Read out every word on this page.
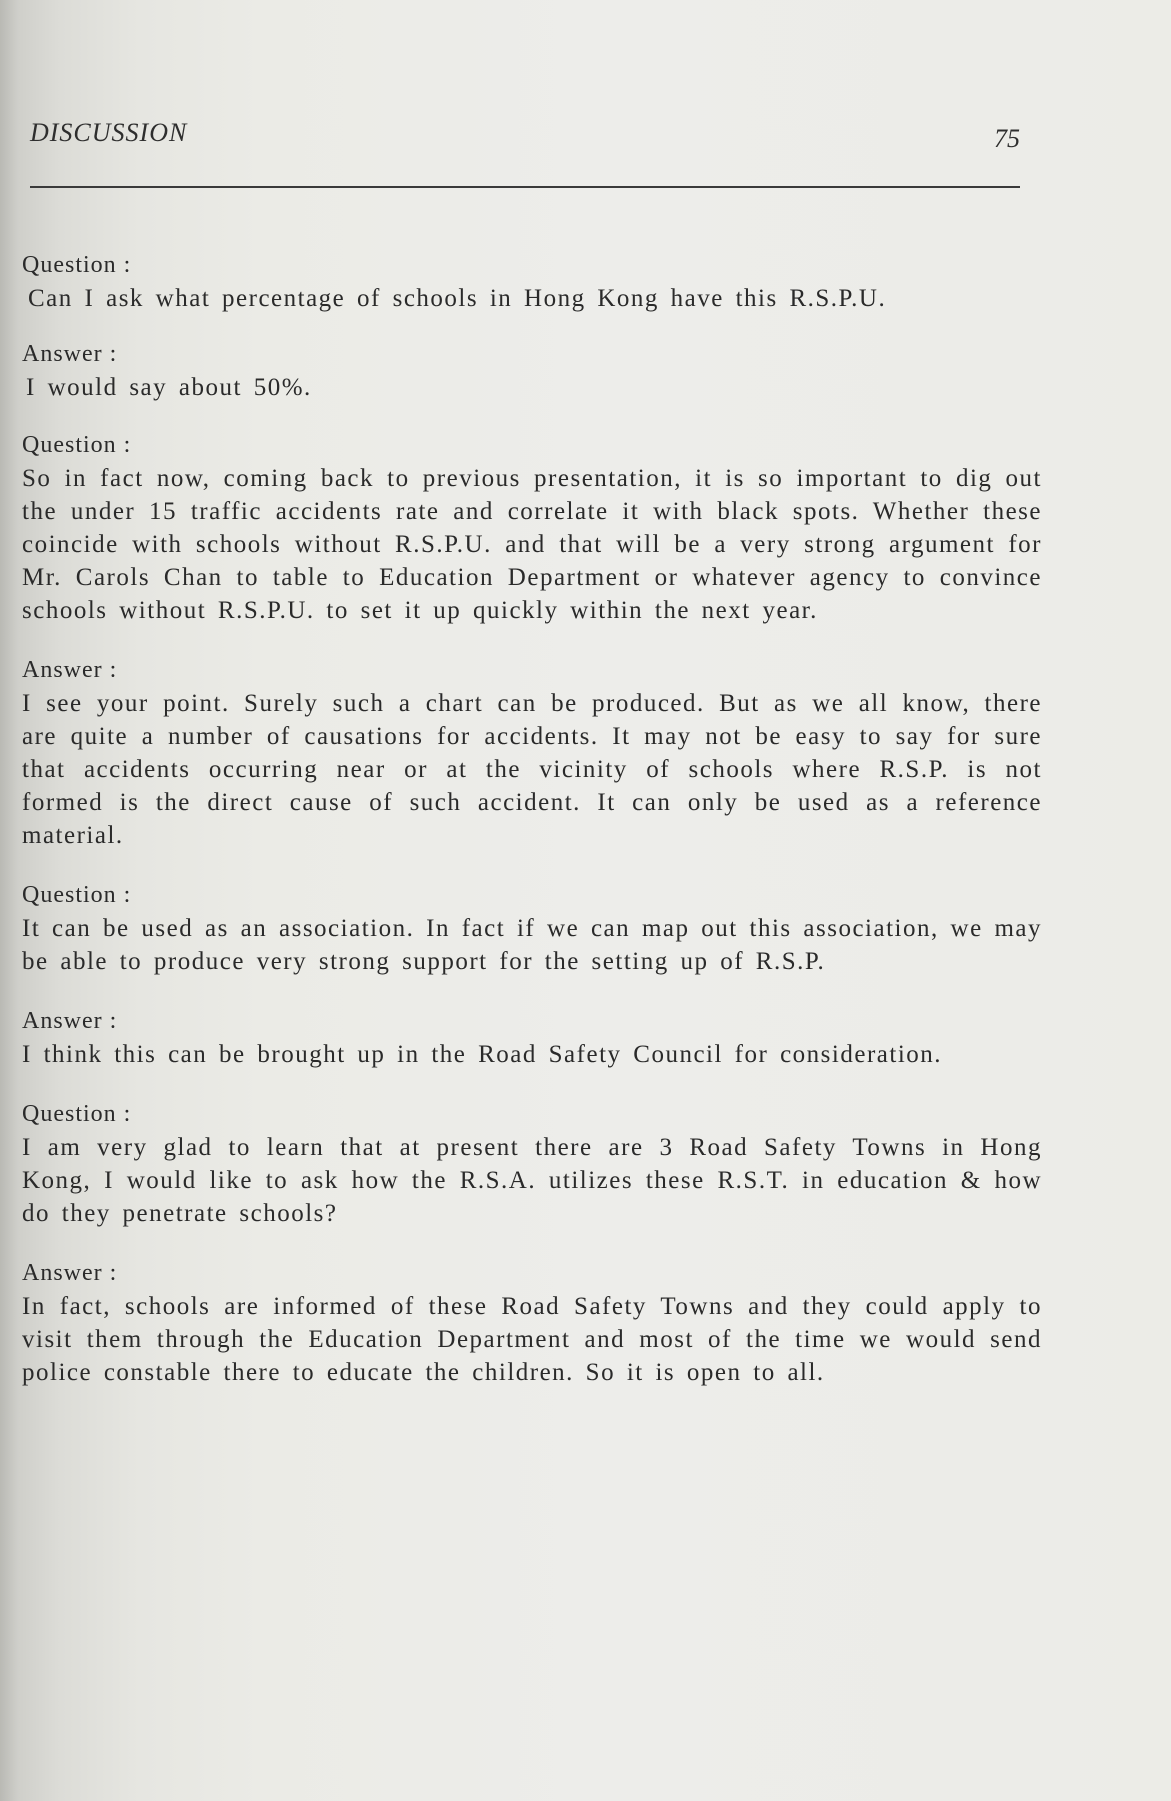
DISCUSSION	75
Question :

Can I ask what percentage of schools in Hong Kong have this R.S.P.U.

Answer :

I would say about 50%.

Question :

So in fact now, coming back to previous presentation, it is so important to dig out the under 15 traffic accidents rate and correlate it with black spots. Whether these coincide with schools without R.S.P.U. and that will be a very strong argument for Mr. Carols Chan to table to Education Department or whatever agency to convince schools without R.S.P.U. to set it up quickly within the next year.

Answer :

I see your point. Surely such a chart can be produced. But as we all know, there are quite a number of causations for accidents. It may not be easy to say for sure that accidents occurring near or at the vicinity of schools where R.S.P. is not formed is the direct cause of such accident. It can only be used as a reference material.

Question :

It can be used as an association. In fact if we can map out this association, we may be able to produce very strong support for the setting up of R.S.P.

Answer :

I think this can be brought up in the Road Safety Council for consideration.

Question :

I am very glad to learn that at present there are 3 Road Safety Towns in Hong Kong, I would like to ask how the R.S.A. utilizes these R.S.T. in education & how do they penetrate schools?

Answer :

In fact, schools are informed of these Road Safety Towns and they could apply to visit them through the Education Department and most of the time we would send police constable there to educate the children. So it is open to all.
